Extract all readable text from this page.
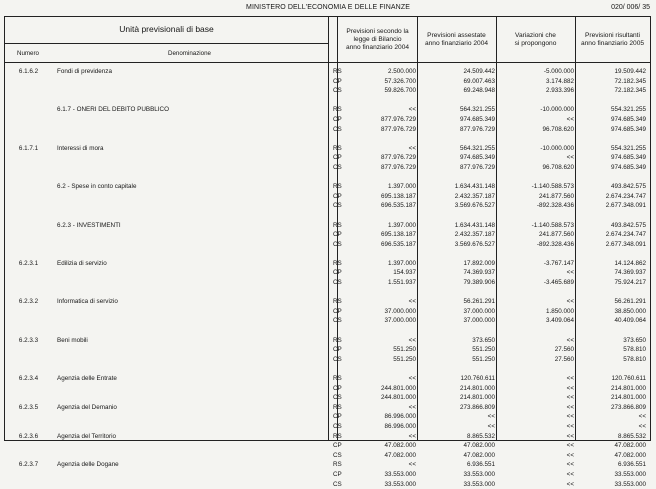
MINISTERO DELL'ECONOMIA E DELLE FINANZE	020/ 006/ 35
Unità previsionali di base
Numero	Denominazione
Previsioni secondo la
legge di Bilancio
anno finanziario 2004
Previsioni assestate
anno finanziario 2004
Variazioni che
si propongono
Previsioni risultanti
anno finanziario 2005
6.1.6.2	Fondi di previdenza	RS	2.500.000	24.509.442	-5.000.000	19.509.442
CP	57.326.700	69.007.463	3.174.882	72.182.345
CS	59.826.700	69.248.948	2.933.396	72.182.345
6.1.7 - ONERI DEL DEBITO PUBBLICO	RS	<<	564.321.255	-10.000.000	554.321.255
CP	877.976.729	974.685.349	<<	974.685.349
CS	877.976.729	877.976.729	96.708.620	974.685.349
6.1.7.1	Interessi di mora	RS	<<	564.321.255	-10.000.000	554.321.255
CP	877.976.729	974.685.349	<<	974.685.349
CS	877.976.729	877.976.729	96.708.620	974.685.349
6.2 - Spese in conto capitale	RS	1.397.000	1.634.431.148	-1.140.588.573	493.842.575
CP	695.138.187	2.432.357.187	241.877.560	2.674.234.747
CS	696.535.187	3.569.676.527	-892.328.436	2.677.348.091
6.2.3 - INVESTIMENTI	RS	1.397.000	1.634.431.148	-1.140.588.573	493.842.575
CP	695.138.187	2.432.357.187	241.877.560	2.674.234.747
CS	696.535.187	3.569.676.527	-892.328.436	2.677.348.091
6.2.3.1	Edilizia di servizio	RS	1.397.000	17.892.009	-3.767.147	14.124.862
CP	154.937	74.369.937	<<	74.369.937
CS	1.551.937	79.389.906	-3.465.689	75.924.217
6.2.3.2	Informatica di servizio	RS	<<	56.261.291	<<	56.261.291
CP	37.000.000	37.000.000	1.850.000	38.850.000
CS	37.000.000	37.000.000	3.409.064	40.409.064
6.2.3.3	Beni mobili	RS	<<	373.650	<<	373.650
CP	551.250	551.250	27.560	578.810
CS	551.250	551.250	27.560	578.810
6.2.3.4	Agenzia delle Entrate	RS	<<	120.760.611	<<	120.760.611
CP	244.801.000	214.801.000	<<	214.801.000
CS	244.801.000	214.801.000	<<	214.801.000
6.2.3.5	Agenzia del Demanio	RS	<<	273.866.809	<<	273.866.809
CP	86.996.000	<<	<<	<<
CS	86.996.000	<<	<<	<<
6.2.3.6	Agenzia del Territorio	RS	<<	8.865.532	<<	8.865.532
CP	47.082.000	47.082.000	<<	47.082.000
CS	47.082.000	47.082.000	<<	47.082.000
6.2.3.7	Agenzia delle Dogane	RS	<<	6.936.551	<<	6.936.551
CP	33.553.000	33.553.000	<<	33.553.000
CS	33.553.000	33.553.000	<<	33.553.000
